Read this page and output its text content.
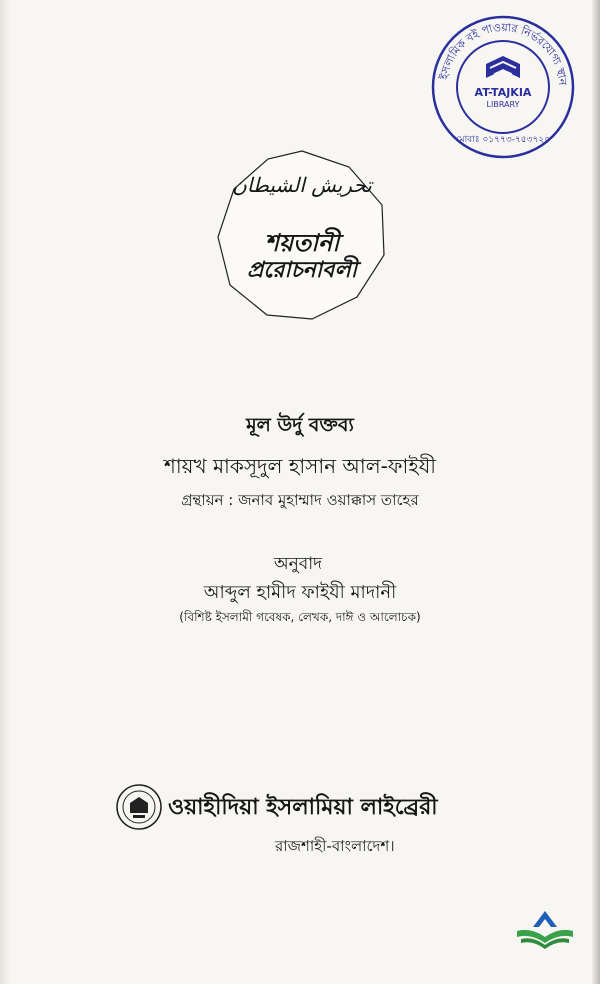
ইসলামিক বই পাওয়ার নির্ভরযোগ্য স্থান
AT-TAJKIA
LIBRARY
মোবাঃ ০১৭৭৩-৭৫৩৭২০
تحريش الشيطان
শয়তানী
প্ররোচনাবলী
মূল উর্দু বক্তব্য
শায়খ মাকসূদুল হাসান আল-ফাইযী
গ্রন্থায়ন : জনাব মুহাম্মাদ ওয়াক্কাস তাহের
অনুবাদ
আব্দুল হামীদ ফাইযী মাদানী
(বিশিষ্ট ইসলামী গবেষক, লেখক, দাঈ ও আলোচক)
ওয়াহীদিয়া ইসলামিয়া লাইব্রেরী
রাজশাহী-বাংলাদেশ।
